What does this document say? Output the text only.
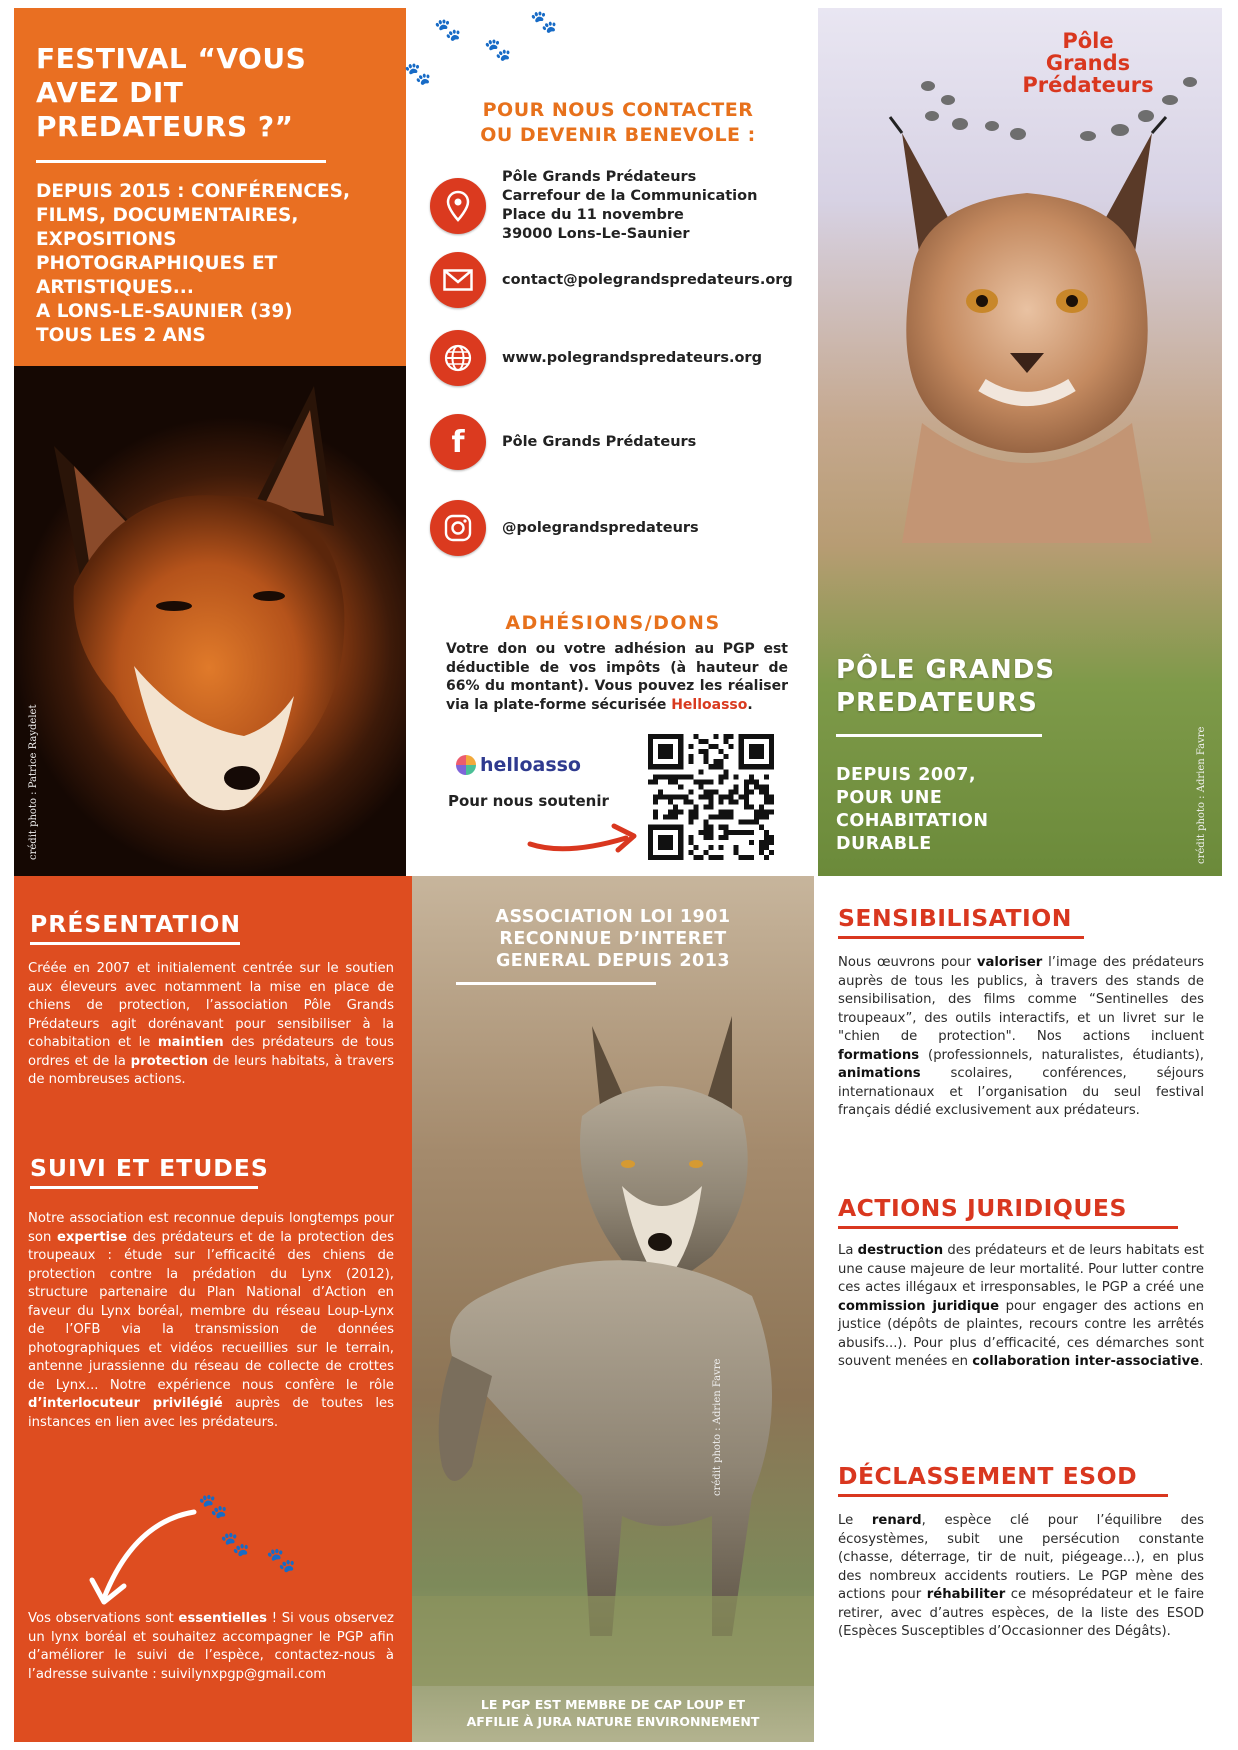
FESTIVAL “VOUS
AVEZ DIT
PREDATEURS ?”
DEPUIS 2015 : CONFÉRENCES,
FILMS, DOCUMENTAIRES,
EXPOSITIONS
PHOTOGRAPHIQUES ET
ARTISTIQUES...
A LONS-LE-SAUNIER (39)
TOUS LES 2 ANS
crédit photo : Patrice Raydelet
🐾	🐾
🐾
🐾
POUR NOUS CONTACTER
OU DEVENIR BENEVOLE :
Pôle Grands Prédateurs
Carrefour de la Communication
Place du 11 novembre
39000 Lons-Le-Saunier
contact@polegrandspredateurs.org
www.polegrandspredateurs.org
f	Pôle Grands Prédateurs
@polegrandspredateurs
ADHÉSIONS/DONS
Votre don ou votre adhésion au PGP est déductible de vos impôts (à hauteur de 66% du montant). Vous pouvez les réaliser via la plate-forme sécurisée Helloasso.
helloasso
Pour nous soutenir
Pôle
Grands
Prédateurs
PÔLE GRANDS
PREDATEURS
DEPUIS 2007,
POUR UNE
COHABITATION
DURABLE	crédit photo : Adrien Favre
PRÉSENTATION
Créée en 2007 et initialement centrée sur le soutien aux éleveurs avec notamment la mise en place de chiens de protection, l’association Pôle Grands Prédateurs agit dorénavant pour sensibiliser à la cohabitation et le maintien des prédateurs de tous ordres et de la protection de leurs habitats, à travers de nombreuses actions.
SUIVI ET ETUDES
Notre association est reconnue depuis longtemps pour son expertise des prédateurs et de la protection des troupeaux : étude sur l’efficacité des chiens de protection contre la prédation du Lynx (2012), structure partenaire du Plan National d’Action en faveur du Lynx boréal, membre du réseau Loup-Lynx de l’OFB via la transmission de données photographiques et vidéos recueillies sur le terrain, antenne jurassienne du réseau de collecte de crottes de Lynx... Notre expérience nous confère le rôle d’interlocuteur privilégié auprès de toutes les instances en lien avec les prédateurs.
🐾
🐾
🐾
Vos observations sont essentielles ! Si vous observez un lynx boréal et souhaitez accompagner le PGP afin d’améliorer le suivi de l’espèce, contactez-nous à l’adresse suivante : suivilynxpgp@gmail.com
ASSOCIATION LOI 1901
RECONNUE D’INTERET
GENERAL DEPUIS 2013
crédit photo : Adrien Favre
LE PGP EST MEMBRE DE CAP LOUP ET
AFFILIE À JURA NATURE ENVIRONNEMENT
SENSIBILISATION
Nous œuvrons pour valoriser l’image des prédateurs auprès de tous les publics, à travers des stands de sensibilisation, des films comme “Sentinelles des troupeaux”, des outils interactifs, et un livret sur le "chien de protection". Nos actions incluent formations (professionnels, naturalistes, étudiants), animations scolaires, conférences, séjours internationaux et l’organisation du seul festival français dédié exclusivement aux prédateurs.
ACTIONS JURIDIQUES
La destruction des prédateurs et de leurs habitats est une cause majeure de leur mortalité. Pour lutter contre ces actes illégaux et irresponsables, le PGP a créé une commission juridique pour engager des actions en justice (dépôts de plaintes, recours contre les arrêtés abusifs...). Pour plus d’efficacité, ces démarches sont souvent menées en collaboration inter-associative.
DÉCLASSEMENT ESOD
Le renard, espèce clé pour l’équilibre des écosystèmes, subit une persécution constante (chasse, déterrage, tir de nuit, piégeage...), en plus des nombreux accidents routiers. Le PGP mène des actions pour réhabiliter ce mésoprédateur et le faire retirer, avec d’autres espèces, de la liste des ESOD (Espèces Susceptibles d’Occasionner des Dégâts).
